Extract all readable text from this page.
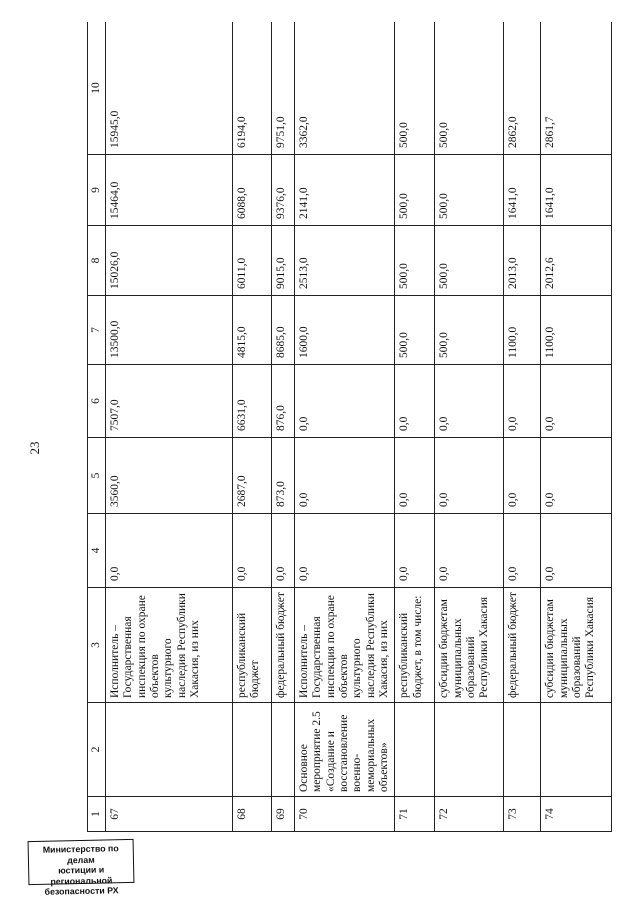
23
1	2	3	4	5	6	7	8	9	10
67		Исполнитель – Государственная инспекция по охране объектов культурного наследия Республики Хакасия, из них	0,0	3560,0	7507,0	13500,0	15026,0	15464,0	15945,0
68		республиканский бюджет	0,0	2687,0	6631,0	4815,0	6011,0	6088,0	6194,0
69		федеральный бюджет	0,0	873,0	876,0	8685,0	9015,0	9376,0	9751,0
70	Основное мероприятие 2.5 «Создание и восстановление военно-мемориальных объектов»	Исполнитель – Государственная инспекция по охране объектов культурного наследия Республики Хакасия, из них	0,0	0,0	0,0	1600,0	2513,0	2141,0	3362,0
71		республиканский бюджет, в том числе:	0,0	0,0	0,0	500,0	500,0	500,0	500,0
72		субсидии бюджетам муниципальных образований Республики Хакасия	0,0	0,0	0,0	500,0	500,0	500,0	500,0
73		федеральный бюджет	0,0	0,0	0,0	1100,0	2013,0	1641,0	2862,0
74		субсидии бюджетам муниципальных образований Республики Хакасия	0,0	0,0	0,0	1100,0	2012,6	1641,0	2861,7
Министерство по делам
юстиции и региональной
безопасности РХ
